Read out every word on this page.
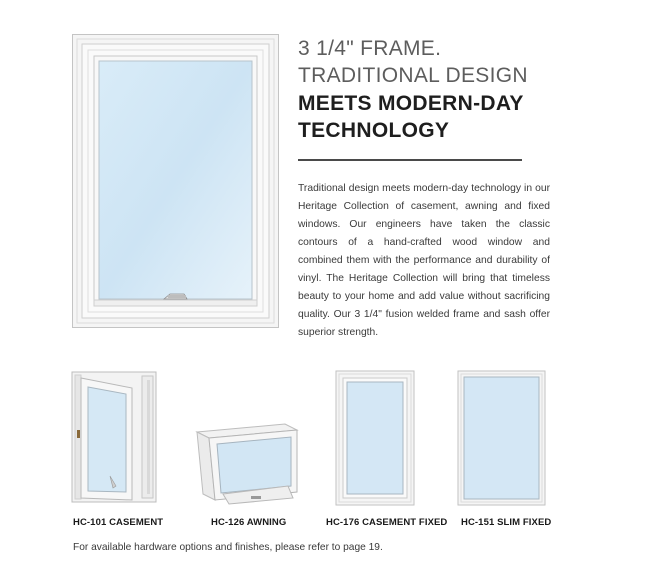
3 1/4" FRAME.
TRADITIONAL DESIGN
MEETS MODERN-DAY
TECHNOLOGY
Traditional design meets modern-day technology in our Heritage Collection of casement, awning and fixed windows. Our engineers have taken the classic contours of a hand-crafted wood window and combined them with the performance and durability of vinyl. The Heritage Collection will bring that timeless beauty to your home and add value without sacrificing quality. Our 3 1/4" fusion welded frame and sash offer superior strength.
HC-101 CASEMENT	HC-126 AWNING	HC-176 CASEMENT FIXED HC-151 SLIM FIXED
For available hardware options and finishes, please refer to page 19.
